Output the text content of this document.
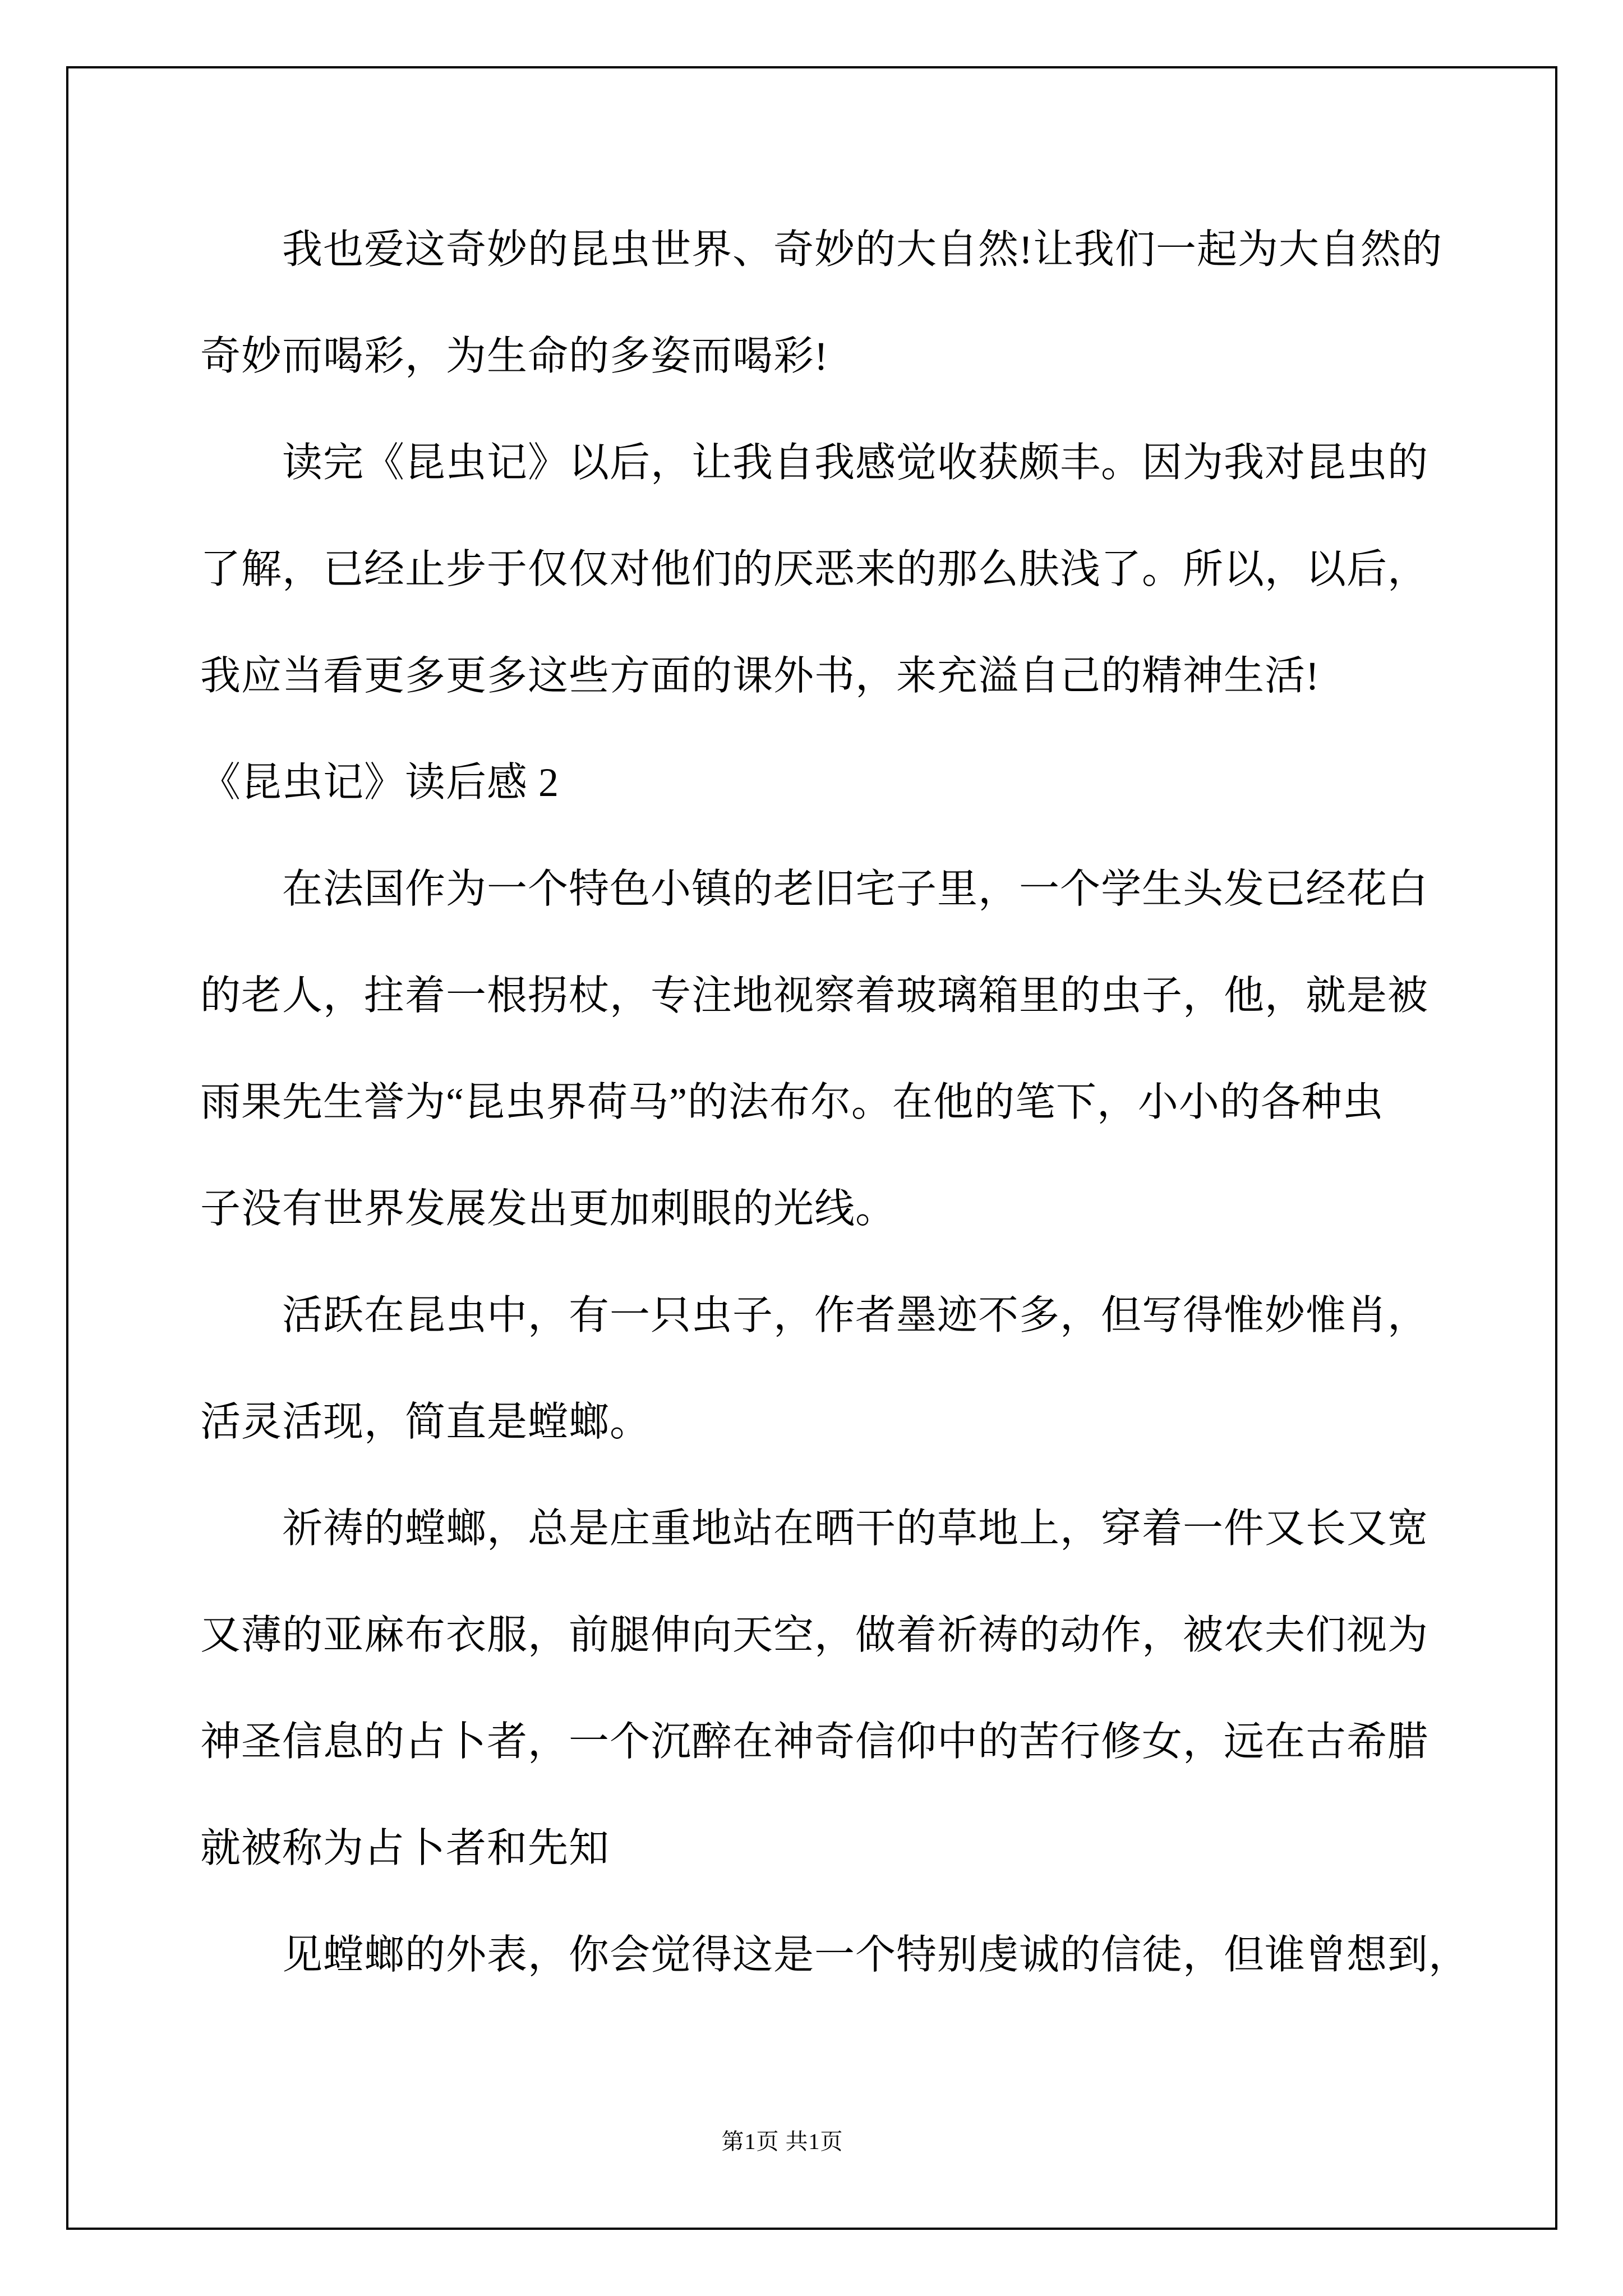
我也爱这奇妙的昆虫世界、奇妙的大自然!让我们一起为大自然的
奇妙而喝彩，为生命的多姿而喝彩!
读完《昆虫记》以后，让我自我感觉收获颇丰。因为我对昆虫的
了解，已经止步于仅仅对他们的厌恶来的那么肤浅了。所以，以后，
我应当看更多更多这些方面的课外书，来充溢自己的精神生活!
《昆虫记》读后感 2
在法国作为一个特色小镇的老旧宅子里，一个学生头发已经花白
的老人，拄着一根拐杖，专注地视察着玻璃箱里的虫子，他，就是被
雨果先生誉为“昆虫界荷马”的法布尔。在他的笔下，小小的各种虫
子没有世界发展发出更加刺眼的光线。
活跃在昆虫中，有一只虫子，作者墨迹不多，但写得惟妙惟肖，
活灵活现，简直是螳螂。
祈祷的螳螂，总是庄重地站在晒干的草地上，穿着一件又长又宽
又薄的亚麻布衣服，前腿伸向天空，做着祈祷的动作，被农夫们视为
神圣信息的占卜者，一个沉醉在神奇信仰中的苦行修女，远在古希腊
就被称为占卜者和先知
见螳螂的外表，你会觉得这是一个特别虔诚的信徒，但谁曾想到，
第1页 共1页
